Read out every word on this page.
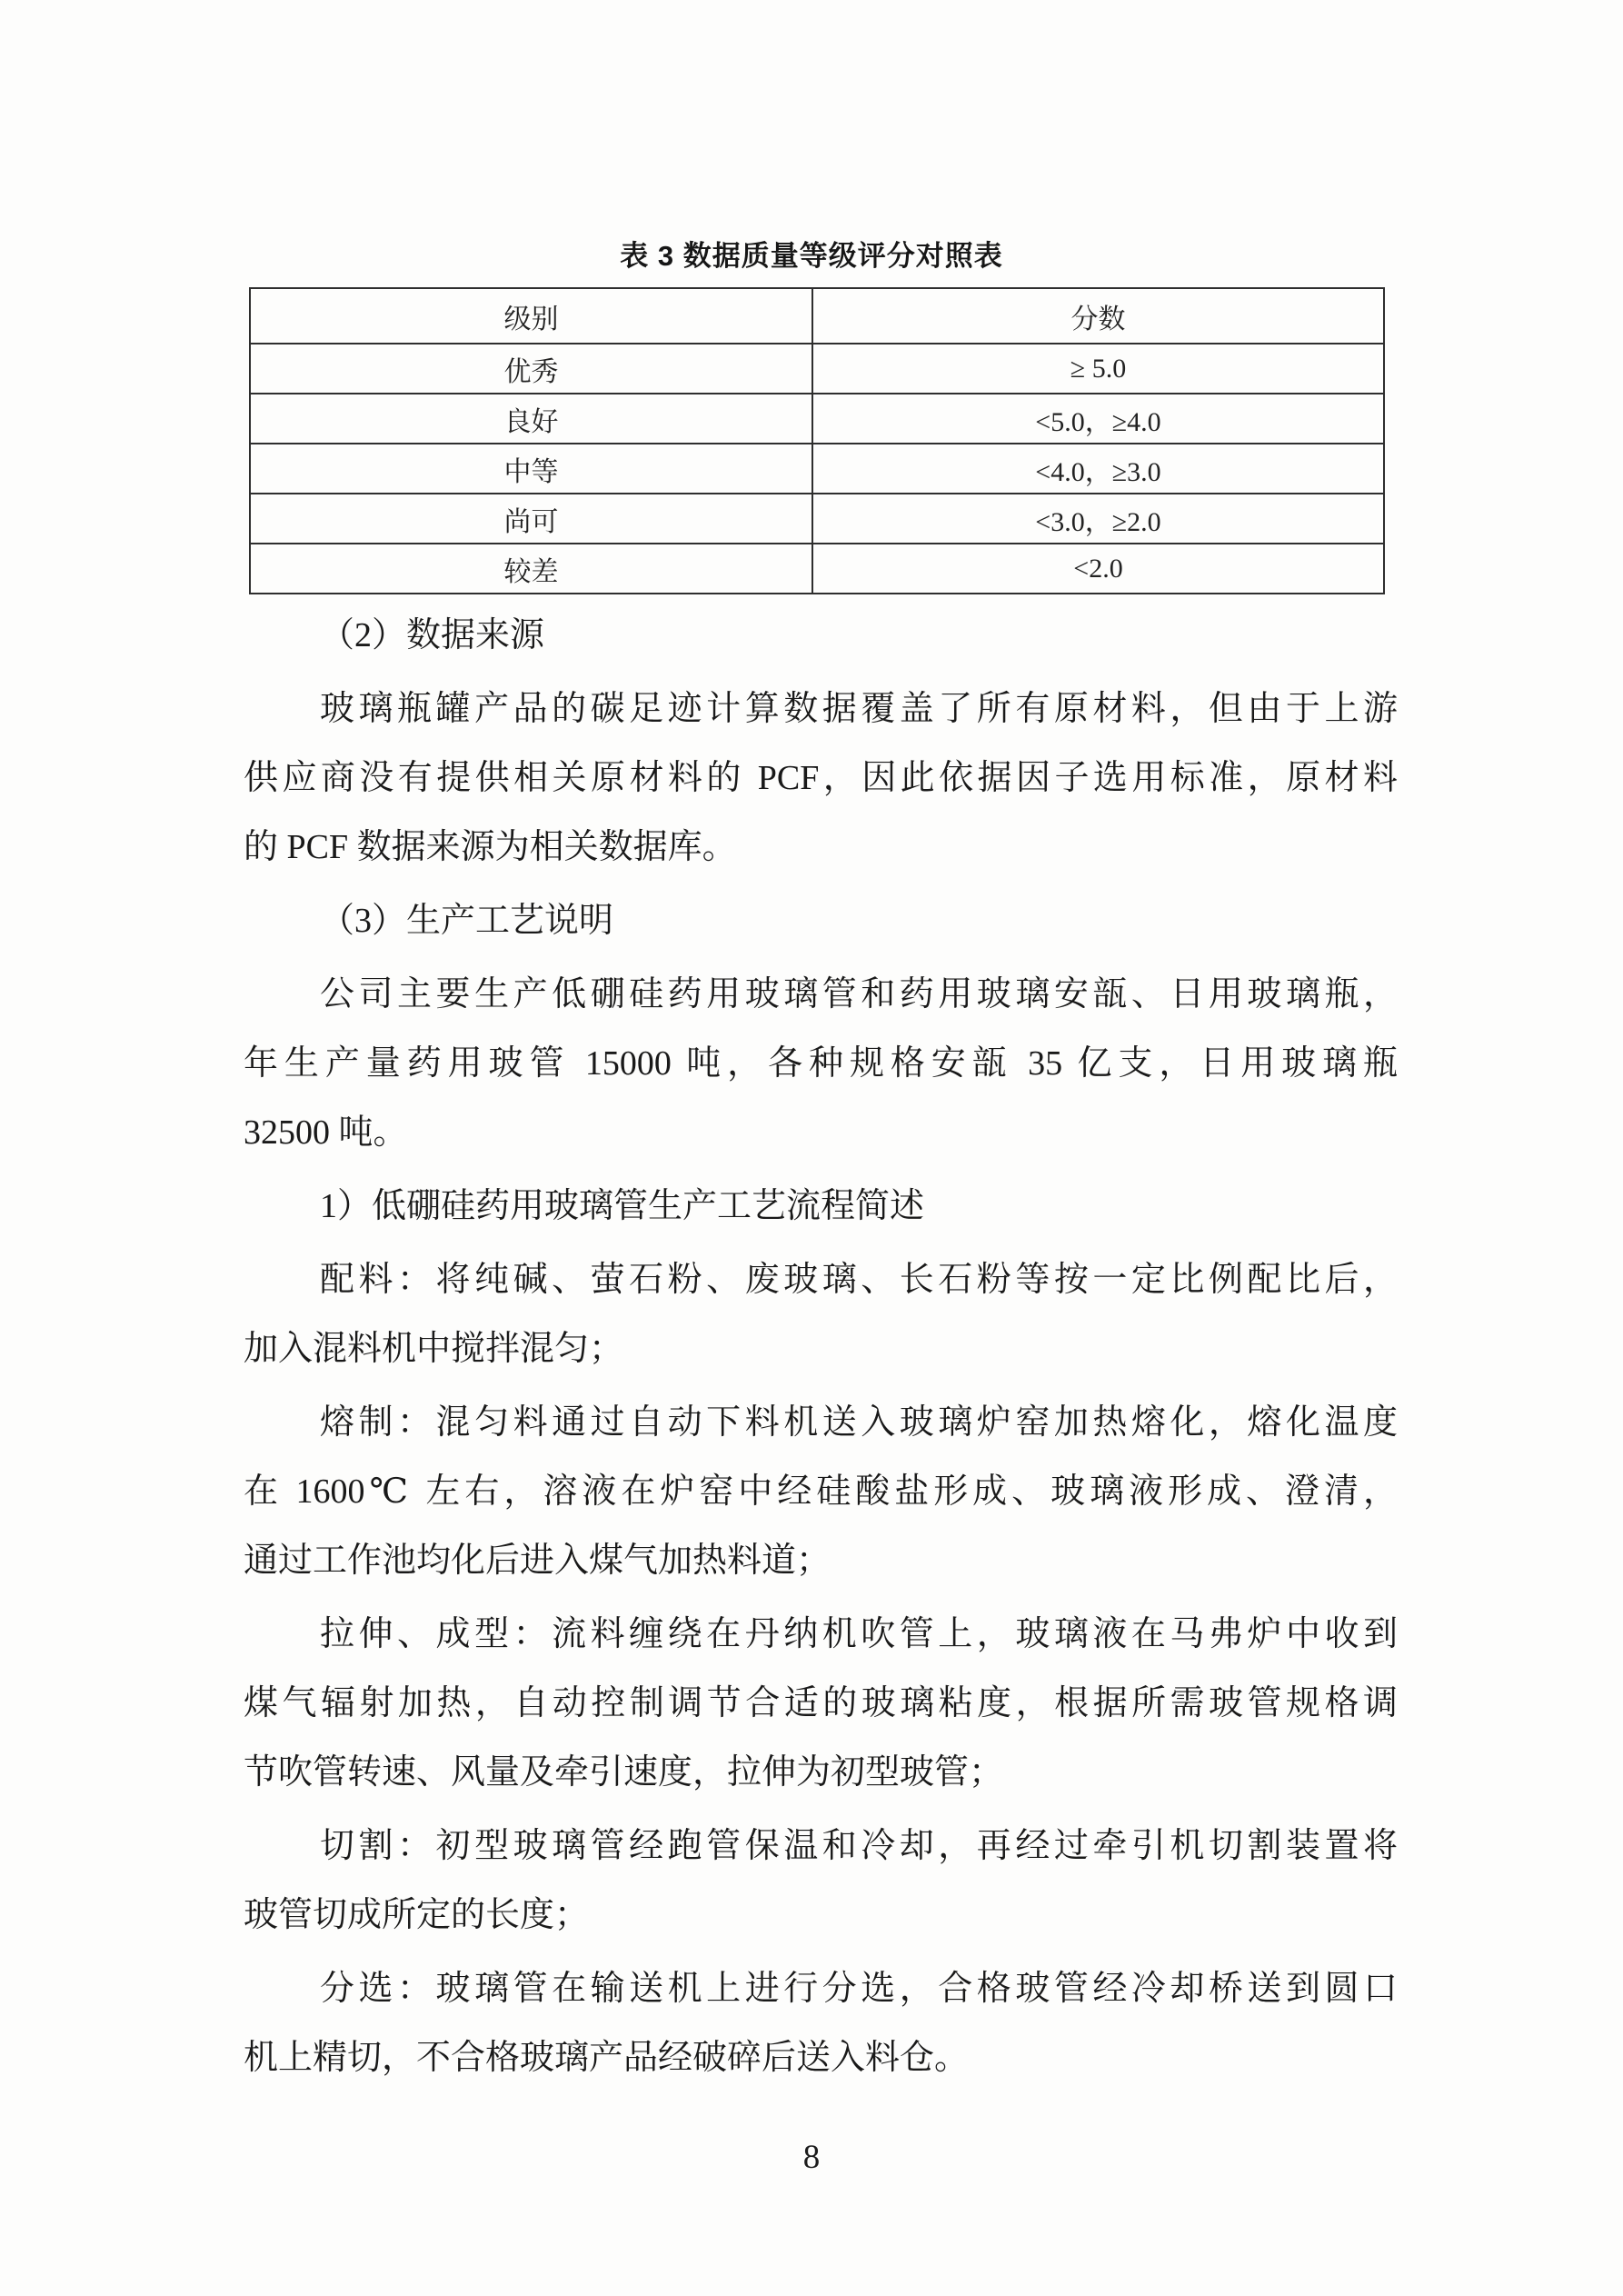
表 3 数据质量等级评分对照表
级别	分数
优秀	≥ 5.0
良好	<5.0，≥4.0
中等	<4.0，≥3.0
尚可	<3.0，≥2.0
较差	<2.0
（2）数据来源
玻璃瓶罐产品的碳足迹计算数据覆盖了所有原材料，但由于上游
供应商没有提供相关原材料的 PCF，因此依据因子选用标准，原材料
的 PCF 数据来源为相关数据库。
（3）生产工艺说明
公司主要生产低硼硅药用玻璃管和药用玻璃安瓿、日用玻璃瓶，
年生产量药用玻管 15000 吨，各种规格安瓿 35 亿支，日用玻璃瓶
32500 吨。
1）低硼硅药用玻璃管生产工艺流程简述
配料：将纯碱、萤石粉、废玻璃、长石粉等按一定比例配比后，
加入混料机中搅拌混匀；
熔制：混匀料通过自动下料机送入玻璃炉窑加热熔化，熔化温度
在 1600℃ 左右，溶液在炉窑中经硅酸盐形成、玻璃液形成、澄清，
通过工作池均化后进入煤气加热料道；
拉伸、成型：流料缠绕在丹纳机吹管上，玻璃液在马弗炉中收到
煤气辐射加热，自动控制调节合适的玻璃粘度，根据所需玻管规格调
节吹管转速、风量及牵引速度，拉伸为初型玻管；
切割：初型玻璃管经跑管保温和冷却，再经过牵引机切割装置将
玻管切成所定的长度；
分选：玻璃管在输送机上进行分选，合格玻管经冷却桥送到圆口
机上精切，不合格玻璃产品经破碎后送入料仓。
8
